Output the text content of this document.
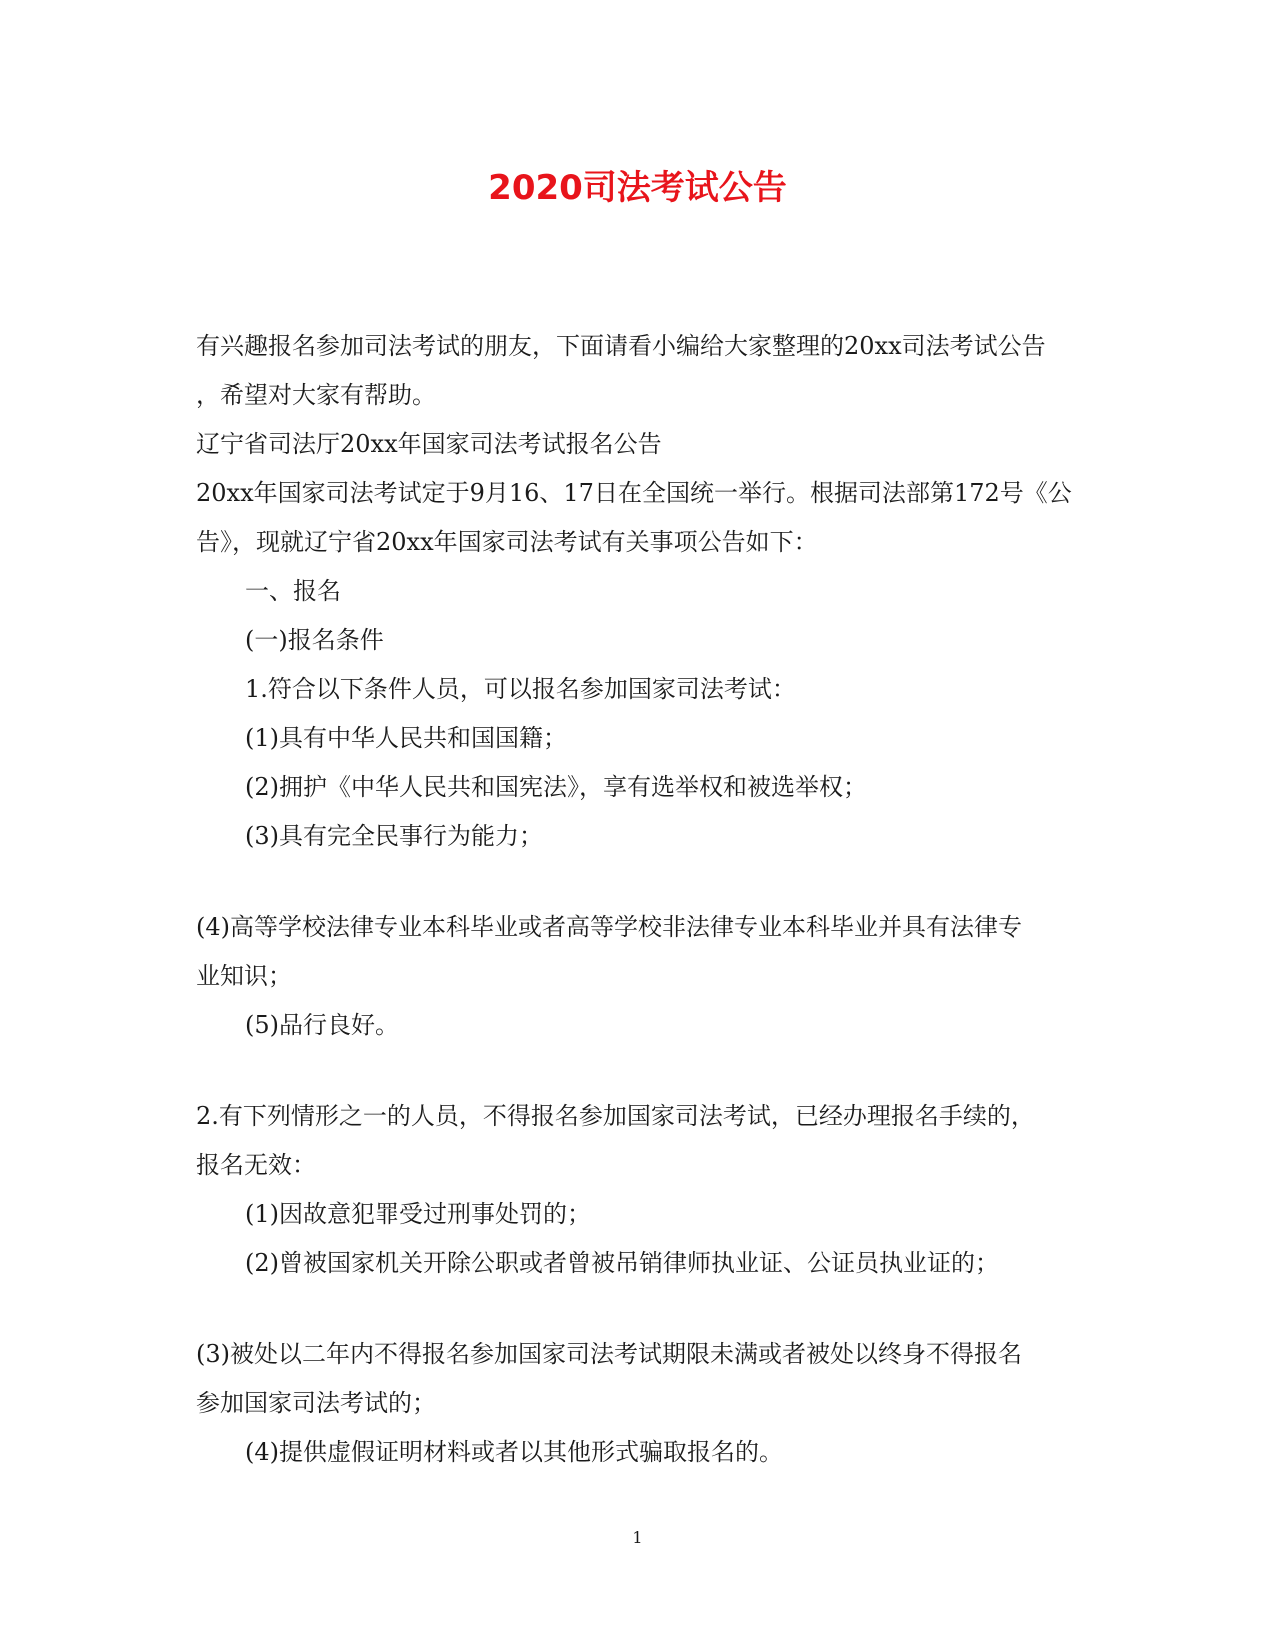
2020司法考试公告
有兴趣报名参加司法考试的朋友，下面请看小编给大家整理的20xx司法考试公告
，希望对大家有帮助。
辽宁省司法厅20xx年国家司法考试报名公告
20xx年国家司法考试定于9月16、17日在全国统一举行。根据司法部第172号《公
告》，现就辽宁省20xx年国家司法考试有关事项公告如下：
一、报名
(一)报名条件
1.符合以下条件人员，可以报名参加国家司法考试：
(1)具有中华人民共和国国籍；
(2)拥护《中华人民共和国宪法》，享有选举权和被选举权；
(3)具有完全民事行为能力；
(4)高等学校法律专业本科毕业或者高等学校非法律专业本科毕业并具有法律专
业知识；
(5)品行良好。
2.有下列情形之一的人员，不得报名参加国家司法考试，已经办理报名手续的，
报名无效：
(1)因故意犯罪受过刑事处罚的；
(2)曾被国家机关开除公职或者曾被吊销律师执业证、公证员执业证的；
(3)被处以二年内不得报名参加国家司法考试期限未满或者被处以终身不得报名
参加国家司法考试的；
(4)提供虚假证明材料或者以其他形式骗取报名的。
1
